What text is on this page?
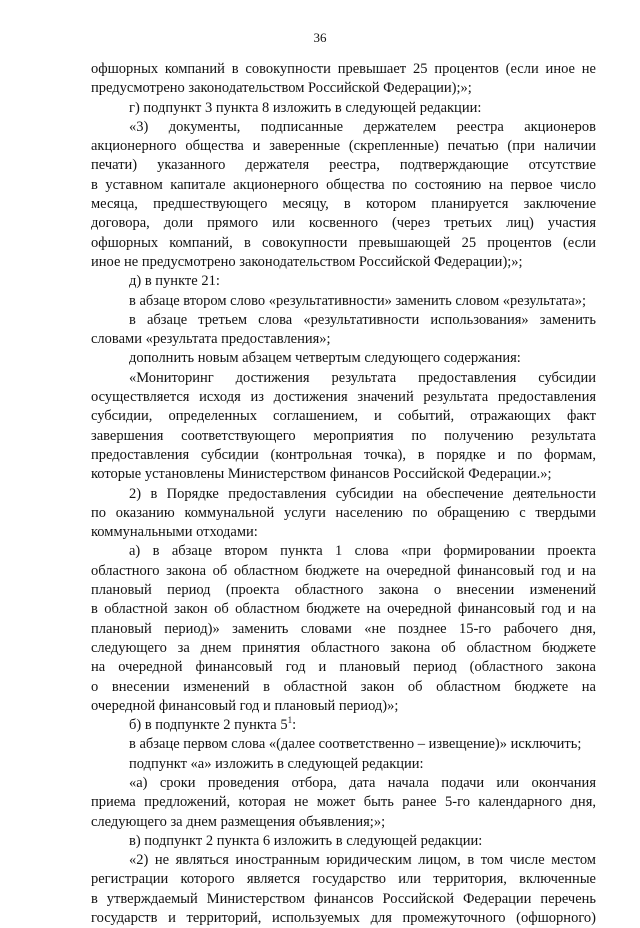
36
офшорных компаний в совокупности превышает 25 процентов (если иное не
предусмотрено законодательством Российской Федерации);»;
г) подпункт 3 пункта 8 изложить в следующей редакции:
«3) документы, подписанные держателем реестра акционеров
акционерного общества и заверенные (скрепленные) печатью (при наличии
печати) указанного держателя реестра, подтверждающие отсутствие
в уставном капитале акционерного общества по состоянию на первое число
месяца, предшествующего месяцу, в котором планируется заключение
договора, доли прямого или косвенного (через третьих лиц) участия
офшорных компаний, в совокупности превышающей 25 процентов (если
иное не предусмотрено законодательством Российской Федерации);»;
д) в пункте 21:
в абзаце втором слово «результативности» заменить словом «результата»;
в абзаце третьем слова «результативности использования» заменить
словами «результата предоставления»;
дополнить новым абзацем четвертым следующего содержания:
«Мониторинг достижения результата предоставления субсидии
осуществляется исходя из достижения значений результата предоставления
субсидии, определенных соглашением, и событий, отражающих факт
завершения соответствующего мероприятия по получению результата
предоставления субсидии (контрольная точка), в порядке и по формам,
которые установлены Министерством финансов Российской Федерации.»;
2) в Порядке предоставления субсидии на обеспечение деятельности
по оказанию коммунальной услуги населению по обращению с твердыми
коммунальными отходами:
а) в абзаце втором пункта 1 слова «при формировании проекта
областного закона об областном бюджете на очередной финансовый год и на
плановый период (проекта областного закона о внесении изменений
в областной закон об областном бюджете на очередной финансовый год и на
плановый период)» заменить словами «не позднее 15-го рабочего дня,
следующего за днем принятия областного закона об областном бюджете
на очередной финансовый год и плановый период (областного закона
о внесении изменений в областной закон об областном бюджете на
очередной финансовый год и плановый период)»;
б) в подпункте 2 пункта 5$^1$:
в абзаце первом слова «(далее соответственно – извещение)» исключить;
подпункт «а» изложить в следующей редакции:
«а) сроки проведения отбора, дата начала подачи или окончания
приема предложений, которая не может быть ранее 5-го календарного дня,
следующего за днем размещения объявления;»;
в) подпункт 2 пункта 6 изложить в следующей редакции:
«2) не являться иностранным юридическим лицом, в том числе местом
регистрации которого является государство или территория, включенные
в утверждаемый Министерством финансов Российской Федерации перечень
государств и территорий, используемых для промежуточного (офшорного)
